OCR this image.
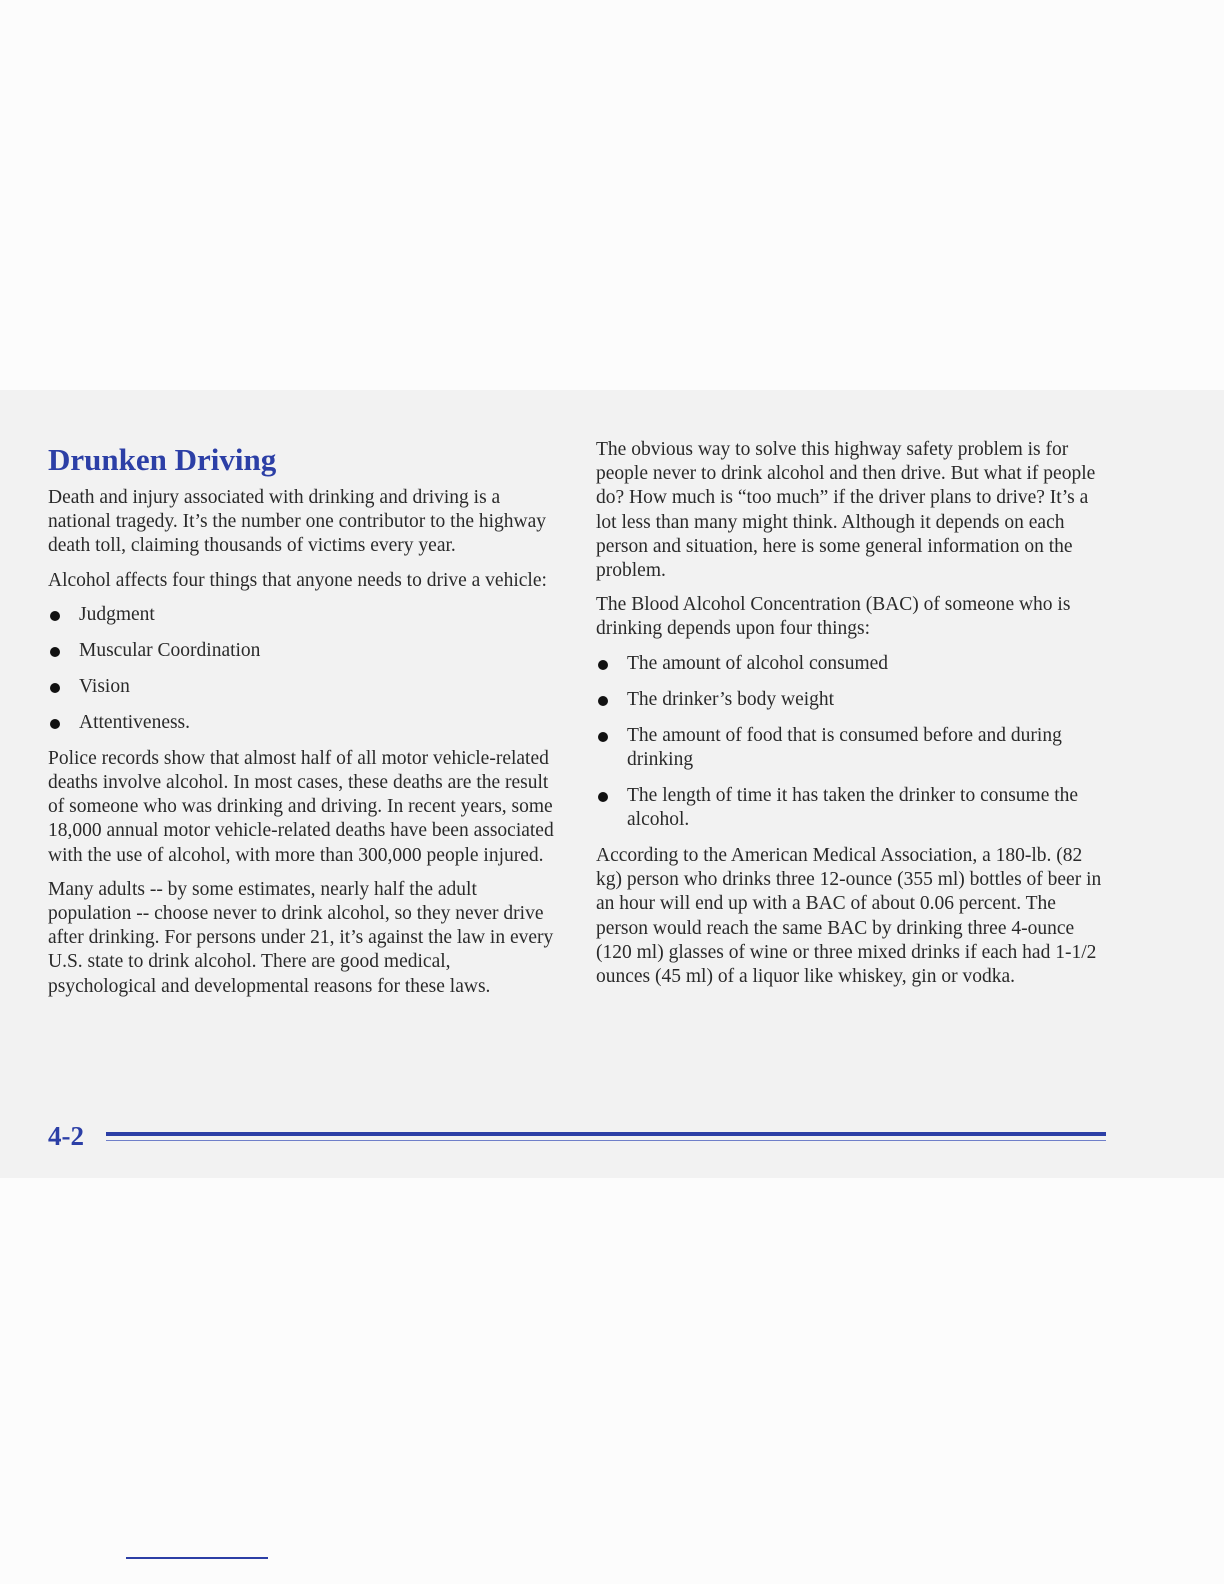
Drunken Driving

Death and injury associated with drinking and driving is a national tragedy. It’s the number one contributor to the highway death toll, claiming thousands of victims every year.

Alcohol affects four things that anyone needs to drive a vehicle:

Judgment
Muscular Coordination
Vision
Attentiveness.

Police records show that almost half of all motor vehicle-related deaths involve alcohol. In most cases, these deaths are the result of someone who was drinking and driving. In recent years, some 18,000 annual motor vehicle-related deaths have been associated with the use of alcohol, with more than 300,000 people injured.

Many adults -- by some estimates, nearly half the adult population -- choose never to drink alcohol, so they never drive after drinking. For persons under 21, it’s against the law in every U.S. state to drink alcohol. There are good medical, psychological and developmental reasons for these laws.

The obvious way to solve this highway safety problem is for people never to drink alcohol and then drive. But what if people do? How much is “too much” if the driver plans to drive? It’s a lot less than many might think. Although it depends on each person and situation, here is some general information on the problem.

The Blood Alcohol Concentration (BAC) of someone who is drinking depends upon four things:

The amount of alcohol consumed
The drinker’s body weight
The amount of food that is consumed before and during drinking
The length of time it has taken the drinker to consume the alcohol.

According to the American Medical Association, a 180-lb. (82 kg) person who drinks three 12-ounce (355 ml) bottles of beer in an hour will end up with a BAC of about 0.06 percent. The person would reach the same BAC by drinking three 4-ounce (120 ml) glasses of wine or three mixed drinks if each had 1-1/2 ounces (45 ml) of a liquor like whiskey, gin or vodka.

4-2
